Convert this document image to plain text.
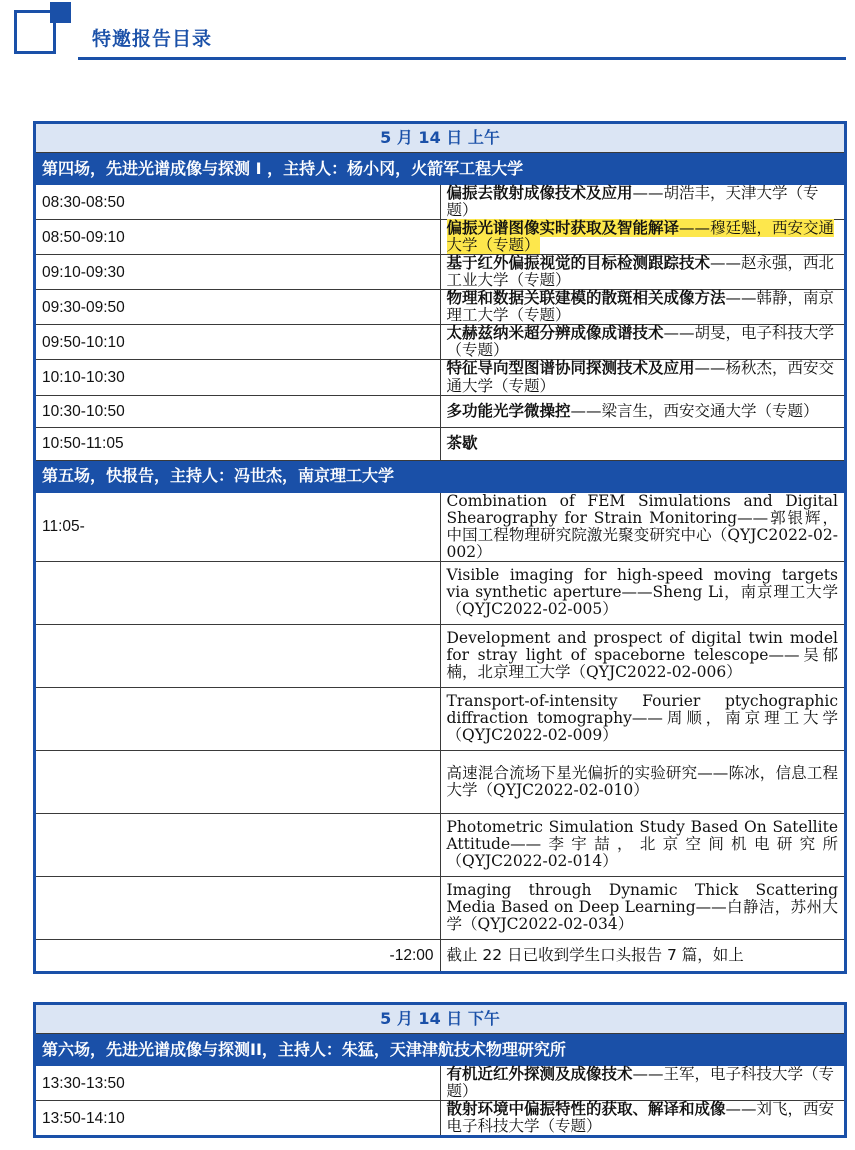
特邀报告目录
5 月 14 日 上午	
第四场，先进光谱成像与探测 I ，主持人：杨小冈，火箭军工程大学	
08:30-08:50	偏振去散射成像技术及应用——胡浩丰，天津大学（专题）
08:50-09:10	偏振光谱图像实时获取及智能解译——穆廷魁，西安交通大学（专题）
09:10-09:30	基于红外偏振视觉的目标检测跟踪技术——赵永强，西北工业大学（专题）
09:30-09:50	物理和数据关联建模的散斑相关成像方法——韩静，南京理工大学（专题）
09:50-10:10	太赫兹纳米超分辨成像成谱技术——胡旻，电子科技大学（专题）
10:10-10:30	特征导向型图谱协同探测技术及应用——杨秋杰，西安交通大学（专题）
10:30-10:50	多功能光学微操控——梁言生，西安交通大学（专题）
10:50-11:05	茶歇
第五场，快报告，主持人：冯世杰，南京理工大学	
11:05-	Combination of FEM Simulations and Digital Shearography for Strain Monitoring——郭银辉，中国工程物理研究院激光聚变研究中心（QYJC2022-02-002）
	Visible imaging for high-speed moving targets via synthetic aperture——Sheng Li，南京理工大学（QYJC2022-02-005）
	Development and prospect of digital twin model for stray light of spaceborne telescope——吴郁楠，北京理工大学（QYJC2022-02-006）
	Transport-of-intensity Fourier ptychographic diffraction tomography——周顺，南京理工大学（QYJC2022-02-009）
	高速混合流场下星光偏折的实验研究——陈冰，信息工程大学（QYJC2022-02-010）
	Photometric Simulation Study Based On Satellite Attitude——李宇喆，北京空间机电研究所（QYJC2022-02-014）
	Imaging through Dynamic Thick Scattering Media Based on Deep Learning——白静洁，苏州大学（QYJC2022-02-034）
-12:00	截止 22 日已收到学生口头报告 7 篇，如上
5 月 14 日 下午	
第六场，先进光谱成像与探测II，主持人：朱猛，天津津航技术物理研究所	
13:30-13:50	有机近红外探测及成像技术——王军，电子科技大学（专题）
13:50-14:10	散射环境中偏振特性的获取、解译和成像——刘飞，西安电子科技大学（专题）
